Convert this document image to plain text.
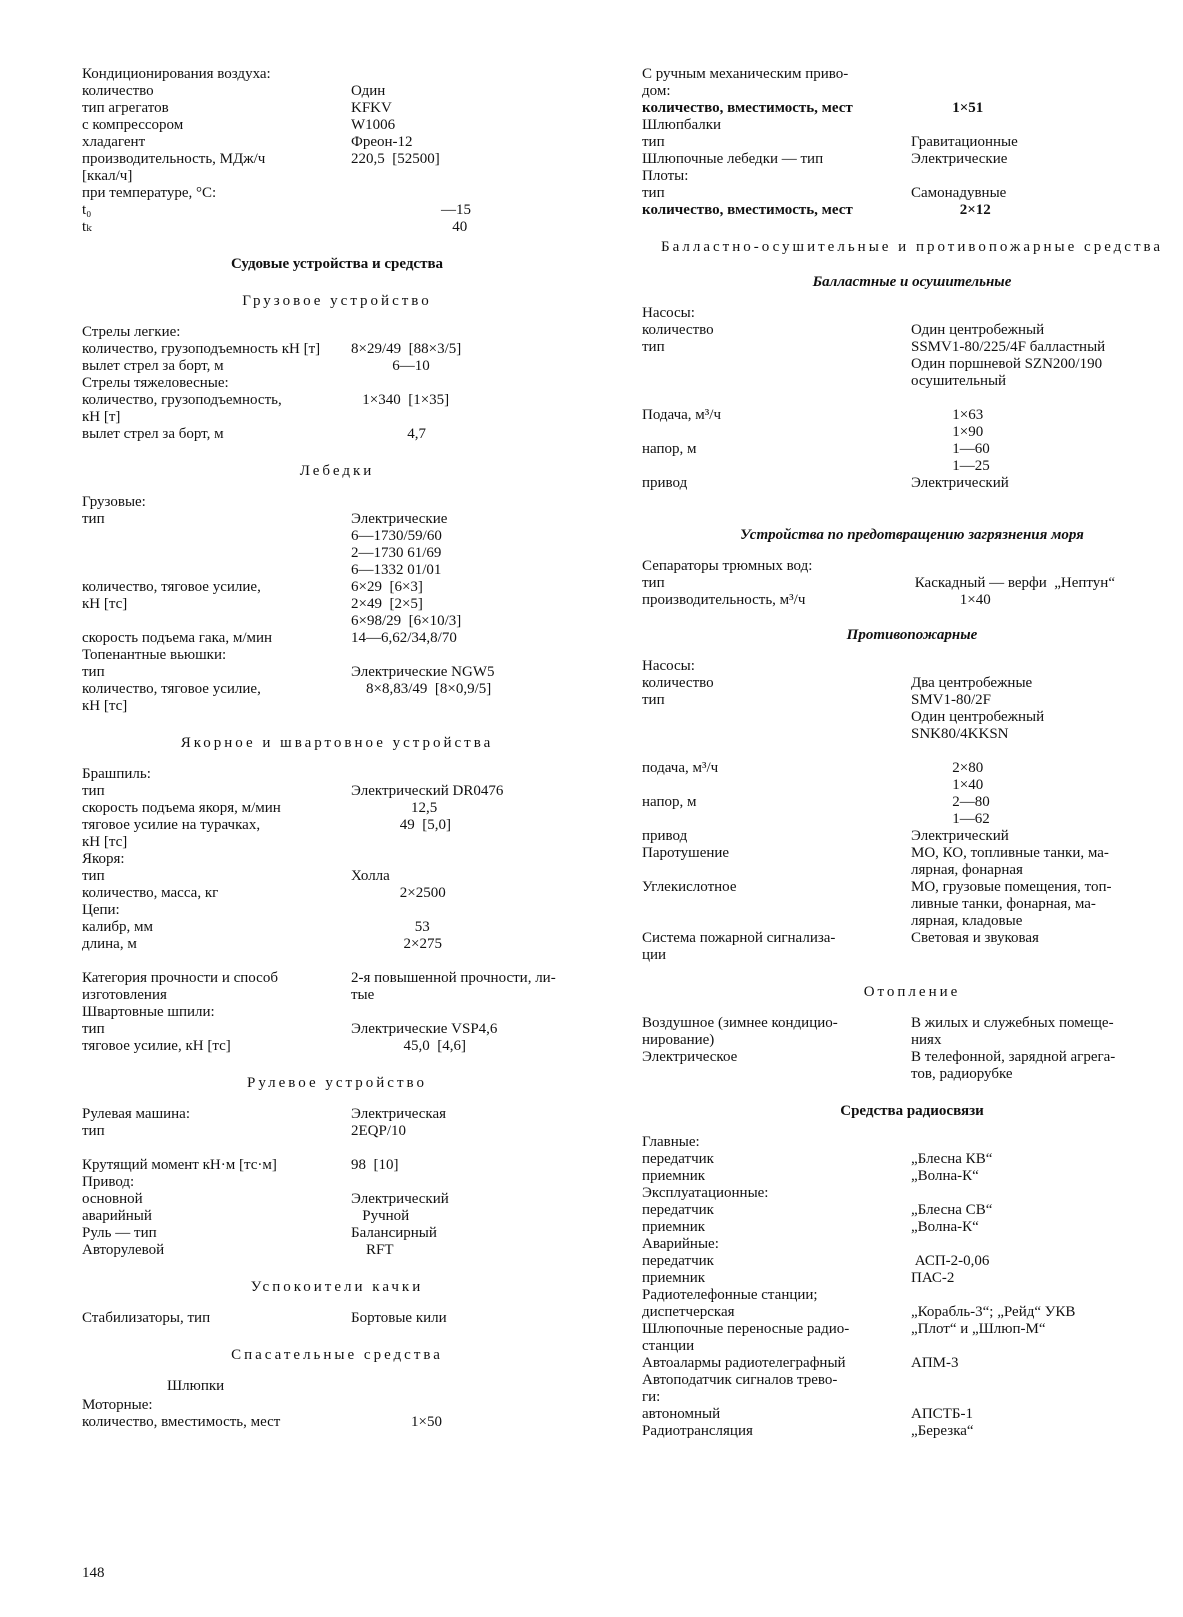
Кондиционирования воздуха:
количество	Один
тип агрегатов	KFKV
с компрессором	W1006
хладагент	Фреон-12
производительность, МДж/ч	220,5  [52500]
[ккал/ч]
при температуре, °С:
t₀	—15
tₖ	40
Судовые устройства и средства
Грузовое устройство
Стрелы легкие:
количество, грузоподъемность кН [т]	8×29/49  [88×3/5]
вылет стрел за борт, м	6—10
Стрелы тяжеловесные:
количество, грузоподъемность,	1×340  [1×35]
кН [т]
вылет стрел за борт, м	4,7
Лебедки
Грузовые:
тип	Электрические
6—1730/59/60
2—1730 61/69
6—1332 01/01
количество, тяговое усилие,	6×29  [6×3]
кН [тс]	2×49  [2×5]
6×98/29  [6×10/3]
скорость подъема гака, м/мин	14—6,62/34,8/70
Топенантные вьюшки:
тип	Электрические NGW5
количество, тяговое усилие,	8×8,83/49  [8×0,9/5]
кН [тс]
Якорное и швартовное устройства
Брашпиль:
тип	Электрический DR0476
скорость подъема якоря, м/мин	12,5
тяговое усилие на турачках,	49  [5,0]
кН [тс]
Якоря:
тип	Холла
количество, масса, кг	2×2500
Цепи:
калибр, мм	53
длина, м	2×275
Категория прочности и способ	2-я повышенной прочности, ли-
изготовления	тые
Швартовные шпили:
тип	Электрические VSP4,6
тяговое усилие, кН [тс]	45,0  [4,6]
Рулевое устройство
Рулевая машина:	Электрическая
тип	2EQP/10
Крутящий момент кН·м [тс·м]	98  [10]
Привод:
основной	Электрический
аварийный	Ручной
Руль — тип	Балансирный
Авторулевой	RFT
Успокоители качки
Стабилизаторы, тип	Бортовые кили
Спасательные средства
Шлюпки
Моторные:
количество, вместимость, мест	1×50
С ручным механическим приво-
дом:
количество, вместимость, мест	1×51
Шлюпбалки
тип	Гравитационные
Шлюпочные лебедки — тип	Электрические
Плоты:
тип	Самонадувные
количество, вместимость, мест	2×12
Балластно-осушительные и противопожарные средства
Балластные и осушительные
Насосы:
количество	Один центробежный
тип	SSMV1-80/225/4F балластный
Один поршневой SZN200/190
осушительный
Подача, м³/ч	1×63
1×90
напор, м	1—60
1—25
привод	Электрический
Устройства по предотвращению загрязнения моря
Сепараторы трюмных вод:
тип	Каскадный — верфи  „Нептун“
производительность, м³/ч	1×40
Противопожарные
Насосы:
количество	Два центробежные
тип	SMV1-80/2F
Один центробежный
SNK80/4KKSN
подача, м³/ч	2×80
1×40
напор, м	2—80
1—62
привод	Электрический
Паротушение	МО, КО, топливные танки, ма-
лярная, фонарная
Углекислотное	МО, грузовые помещения, топ-
ливные танки, фонарная, ма-
лярная, кладовые
Система пожарной сигнализа-	Световая и звуковая
ции
Отопление
Воздушное (зимнее кондицио-	В жилых и служебных помеще-
нирование)	ниях
Электрическое	В телефонной, зарядной агрега-
тов, радиорубке
Средства радиосвязи
Главные:
передатчик	„Блесна КВ“
приемник	„Волна-К“
Эксплуатационные:
передатчик	„Блесна СВ“
приемник	„Волна-К“
Аварийные:
передатчик	АСП-2-0,06
приемник	ПАС-2
Радиотелефонные станции;
диспетчерская	„Корабль-3“; „Рейд“ УКВ
Шлюпочные переносные радио-	„Плот“ и „Шлюп-М“
станции
Автоалармы радиотелеграфный	АПМ-3
Автоподатчик сигналов трево-
ги:
автономный	АПСТБ-1
Радиотрансляция	„Березка“
148
